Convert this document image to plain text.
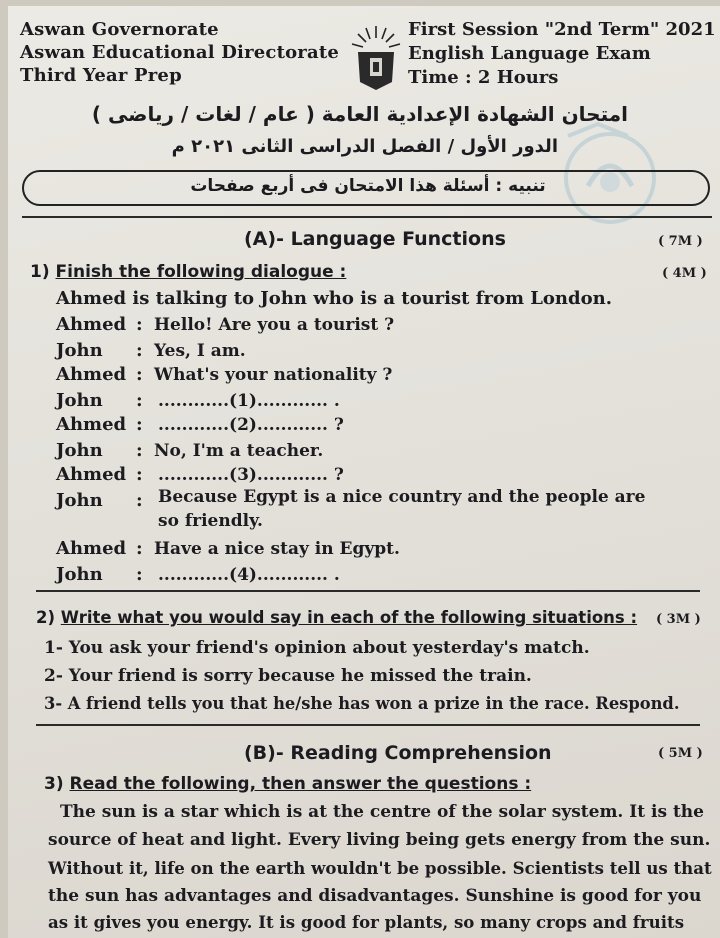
Aswan Governorate
Aswan Educational Directorate
Third Year Prep
First Session "2nd Term" 2021
English Language Exam
Time : 2 Hours
امتحان الشهادة الإعدادية العامة ( عام / لغات / رياضى )
الدور الأول / الفصل الدراسى الثانى ٢٠٢١ م
تنبيه : أسئلة هذا الامتحان فى أربع صفحات
(A)- Language Functions	( 7M )
1) Finish the following dialogue :	( 4M )
Ahmed is talking to John who is a tourist from London.
Ahmed : Hello! Are you a tourist ?
John : Yes, I am.
Ahmed : What's your nationality ?
John : ............(1)............ .
Ahmed : ............(2)............ ?
John : No, I'm a teacher.
Ahmed : ............(3)............ ?
John : Because Egypt is a nice country and the people are
so friendly.
Ahmed : Have a nice stay in Egypt.
John : ............(4)............ .
2) Write what you would say in each of the following situations : ( 3M )
1- You ask your friend's opinion about yesterday's match.
2- Your friend is sorry because he missed the train.
3- A friend tells you that he/she has won a prize in the race. Respond.
(B)- Reading Comprehension	( 5M )
3) Read the following, then answer the questions :

The sun is a star which is at the centre of the solar system. It is the

source of heat and light. Every living being gets energy from the sun.

Without it, life on the earth wouldn't be possible. Scientists tell us that

the sun has advantages and disadvantages. Sunshine is good for you

as it gives you energy. It is good for plants, so many crops and fruits
